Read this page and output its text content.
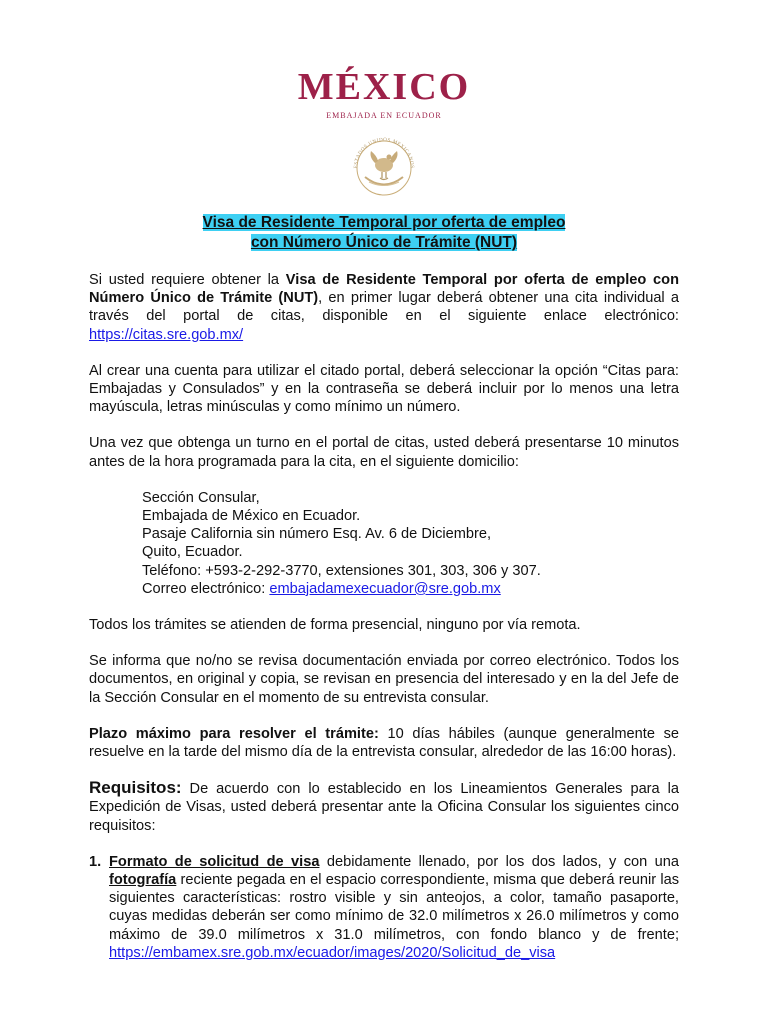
MÉXICO
EMBAJADA EN ECUADOR
ESTADOS UNIDOS MEXICANOS
Visa de Residente Temporal por oferta de empleo
con Número Único de Trámite (NUT)

Si usted requiere obtener la Visa de Residente Temporal por oferta de empleo con Número Único de Trámite (NUT), en primer lugar deberá obtener una cita individual a través del portal de citas, disponible en el siguiente enlace electrónico: https://citas.sre.gob.mx/

Al crear una cuenta para utilizar el citado portal, deberá seleccionar la opción “Citas para: Embajadas y Consulados” y en la contraseña se deberá incluir por lo menos una letra mayúscula, letras minúsculas y como mínimo un número.

Una vez que obtenga un turno en el portal de citas, usted deberá presentarse 10 minutos antes de la hora programada para la cita, en el siguiente domicilio:

Sección Consular,
Embajada de México en Ecuador.
Pasaje California sin número Esq. Av. 6 de Diciembre,
Quito, Ecuador.
Teléfono: +593-2-292-3770, extensiones 301, 303, 306 y 307.
Correo electrónico: embajadamexecuador@sre.gob.mx

Todos los trámites se atienden de forma presencial, ninguno por vía remota.

Se informa que no/no se revisa documentación enviada por correo electrónico. Todos los documentos, en original y copia, se revisan en presencia del interesado y en la del Jefe de la Sección Consular en el momento de su entrevista consular.

Plazo máximo para resolver el trámite: 10 días hábiles (aunque generalmente se resuelve en la tarde del mismo día de la entrevista consular, alrededor de las 16:00 horas).

Requisitos: De acuerdo con lo establecido en los Lineamientos Generales para la Expedición de Visas, usted deberá presentar ante la Oficina Consular los siguientes cinco requisitos:

1. Formato de solicitud de visa debidamente llenado, por los dos lados, y con una fotografía reciente pegada en el espacio correspondiente, misma que deberá reunir las siguientes características: rostro visible y sin anteojos, a color, tamaño pasaporte, cuyas medidas deberán ser como mínimo de 32.0 milímetros x 26.0 milímetros y como máximo de 39.0 milímetros x 31.0 milímetros, con fondo blanco y de frente; https://embamex.sre.gob.mx/ecuador/images/2020/Solicitud_de_visa
